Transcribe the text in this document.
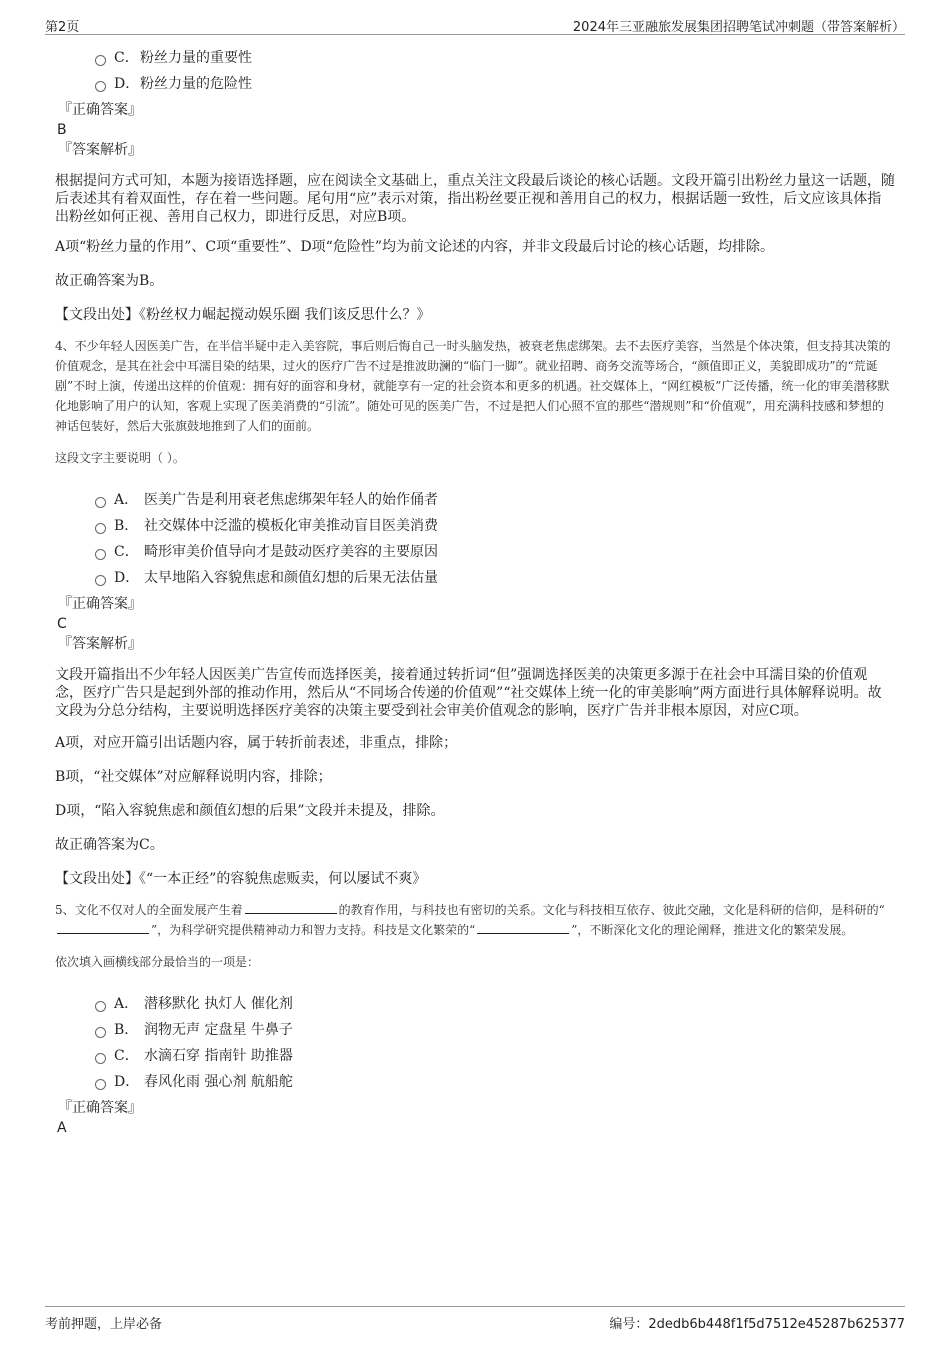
第2页	2024年三亚融旅发展集团招聘笔试冲刺题（带答案解析）
C． 粉丝力量的重要性
D． 粉丝力量的危险性
『正确答案』
B
『答案解析』

根据提问方式可知，本题为接语选择题，应在阅读全文基础上，重点关注文段最后谈论的核心话题。文段开篇引出粉丝力量这一话题，随后表述其有着双面性，存在着一些问题。尾句用“应”表示对策，指出粉丝要正视和善用自己的权力，根据话题一致性，后文应该具体指出粉丝如何正视、善用自己权力，即进行反思，对应B项。

A项“粉丝力量的作用”、C项“重要性”、D项“危险性”均为前文论述的内容，并非文段最后讨论的核心话题，均排除。

故正确答案为B。

【文段出处】《粉丝权力崛起搅动娱乐圈 我们该反思什么？》

4、不少年轻人因医美广告，在半信半疑中走入美容院，事后则后悔自己一时头脑发热，被衰老焦虑绑架。去不去医疗美容，当然是个体决策，但支持其决策的价值观念，是其在社会中耳濡目染的结果，过火的医疗广告不过是推波助澜的“临门一脚”。就业招聘、商务交流等场合，“颜值即正义，美貌即成功”的“荒诞剧”不时上演，传递出这样的价值观：拥有好的面容和身材，就能享有一定的社会资本和更多的机遇。社交媒体上，“网红模板”广泛传播，统一化的审美潜移默化地影响了用户的认知，客观上实现了医美消费的“引流”。随处可见的医美广告，不过是把人们心照不宣的那些“潜规则”和“价值观”，用充满科技感和梦想的神话包装好，然后大张旗鼓地推到了人们的面前。

这段文字主要说明（ ）。

A． 医美广告是利用衰老焦虑绑架年轻人的始作俑者
B． 社交媒体中泛滥的模板化审美推动盲目医美消费
C． 畸形审美价值导向才是鼓动医疗美容的主要原因
D． 太早地陷入容貌焦虑和颜值幻想的后果无法估量
『正确答案』
C
『答案解析』

文段开篇指出不少年轻人因医美广告宣传而选择医美，接着通过转折词“但”强调选择医美的决策更多源于在社会中耳濡目染的价值观念，医疗广告只是起到外部的推动作用，然后从“不同场合传递的价值观”“社交媒体上统一化的审美影响”两方面进行具体解释说明。故文段为分总分结构，主要说明选择医疗美容的决策主要受到社会审美价值观念的影响，医疗广告并非根本原因，对应C项。

A项，对应开篇引出话题内容，属于转折前表述，非重点，排除；

B项，“社交媒体”对应解释说明内容，排除；

D项，“陷入容貌焦虑和颜值幻想的后果”文段并未提及，排除。

故正确答案为C。

【文段出处】《“一本正经”的容貌焦虑贩卖，何以屡试不爽》

5、文化不仅对人的全面发展产生着	的教育作用，与科技也有密切的关系。文化与科技相互依存、彼此交融，文化是科研的信仰，是科研的“”，为科学研究提供精神动力和智力支持。科技是文化繁荣的“	”，不断深化文化的理论阐释，推进文化的繁荣发展。

依次填入画横线部分最恰当的一项是：

A． 潜移默化 执灯人 催化剂
B． 润物无声 定盘星 牛鼻子
C． 水滴石穿 指南针 助推器
D． 春风化雨 强心剂 航船舵
『正确答案』
A
考前押题，上岸必备	编号：2dedb6b448f1f5d7512e45287b625377
